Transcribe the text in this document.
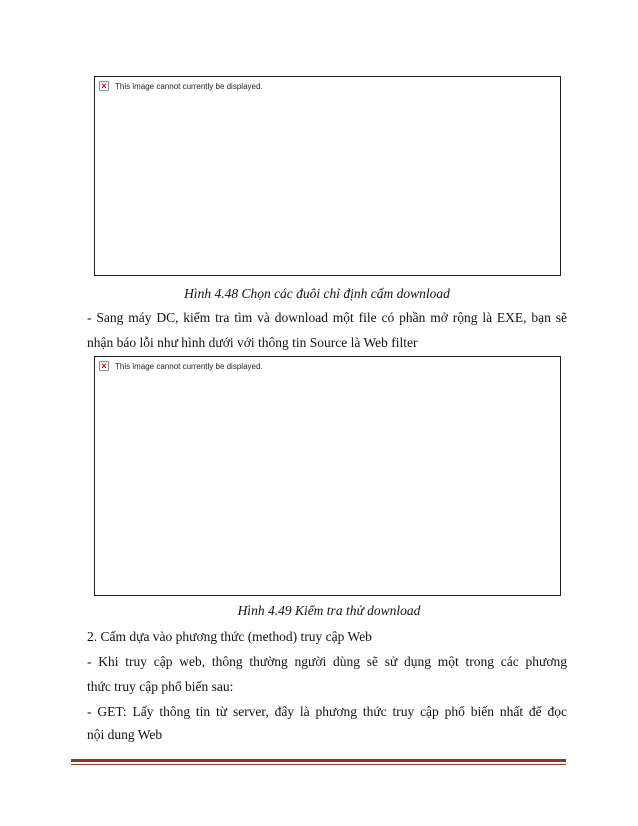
× This image cannot currently be displayed.
Hình 4.48 Chọn các đuôi chỉ định cấm download
- Sang máy DC, kiểm tra tìm và download một file có phần mở rộng là EXE, bạn sẽ
nhận báo lỗi như hình dưới với thông tin Source là Web filter
× This image cannot currently be displayed.
Hình 4.49 Kiểm tra thử download
2. Cấm dựa vào phương thức (method) truy cập Web
- Khi truy cập web, thông thường người dùng sẽ sử dụng một trong các phương
thức truy cập phổ biến sau:
- GET: Lấy thông tin từ server, đây là phương thức truy cập phổ biến nhất để đọc
nội dung Web
